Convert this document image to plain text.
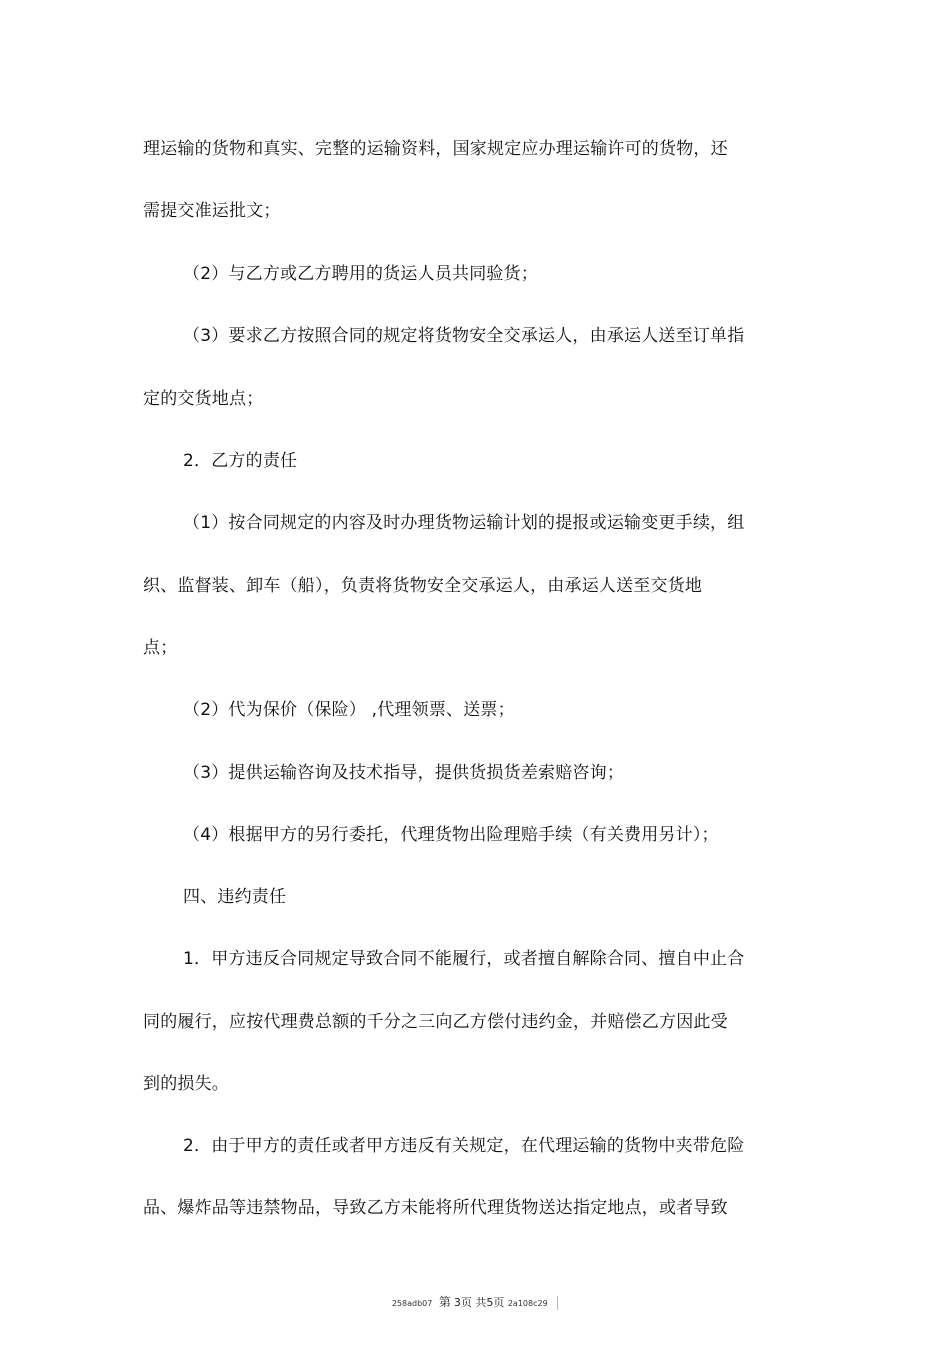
理运输的货物和真实、完整的运输资料，国家规定应办理运输许可的货物，还
需提交准运批文；
（2）与乙方或乙方聘用的货运人员共同验货；
（3）要求乙方按照合同的规定将货物安全交承运人，由承运人送至订单指
定的交货地点；
2．乙方的责任
（1）按合同规定的内容及时办理货物运输计划的提报或运输变更手续，组
织、监督装、卸车（船），负责将货物安全交承运人，由承运人送至交货地
点；
（2）代为保价（保险） ,代理领票、送票；
（3）提供运输咨询及技术指导，提供货损货差索赔咨询；
（4）根据甲方的另行委托，代理货物出险理赔手续（有关费用另计）；
四、违约责任
1．甲方违反合同规定导致合同不能履行，或者擅自解除合同、擅自中止合
同的履行，应按代理费总额的千分之三向乙方偿付违约金，并赔偿乙方因此受
到的损失。
2．由于甲方的责任或者甲方违反有关规定，在代理运输的货物中夹带危险
品、爆炸品等违禁物品，导致乙方未能将所代理货物送达指定地点，或者导致
258adb07 第 3页 共5页 2a108c29
